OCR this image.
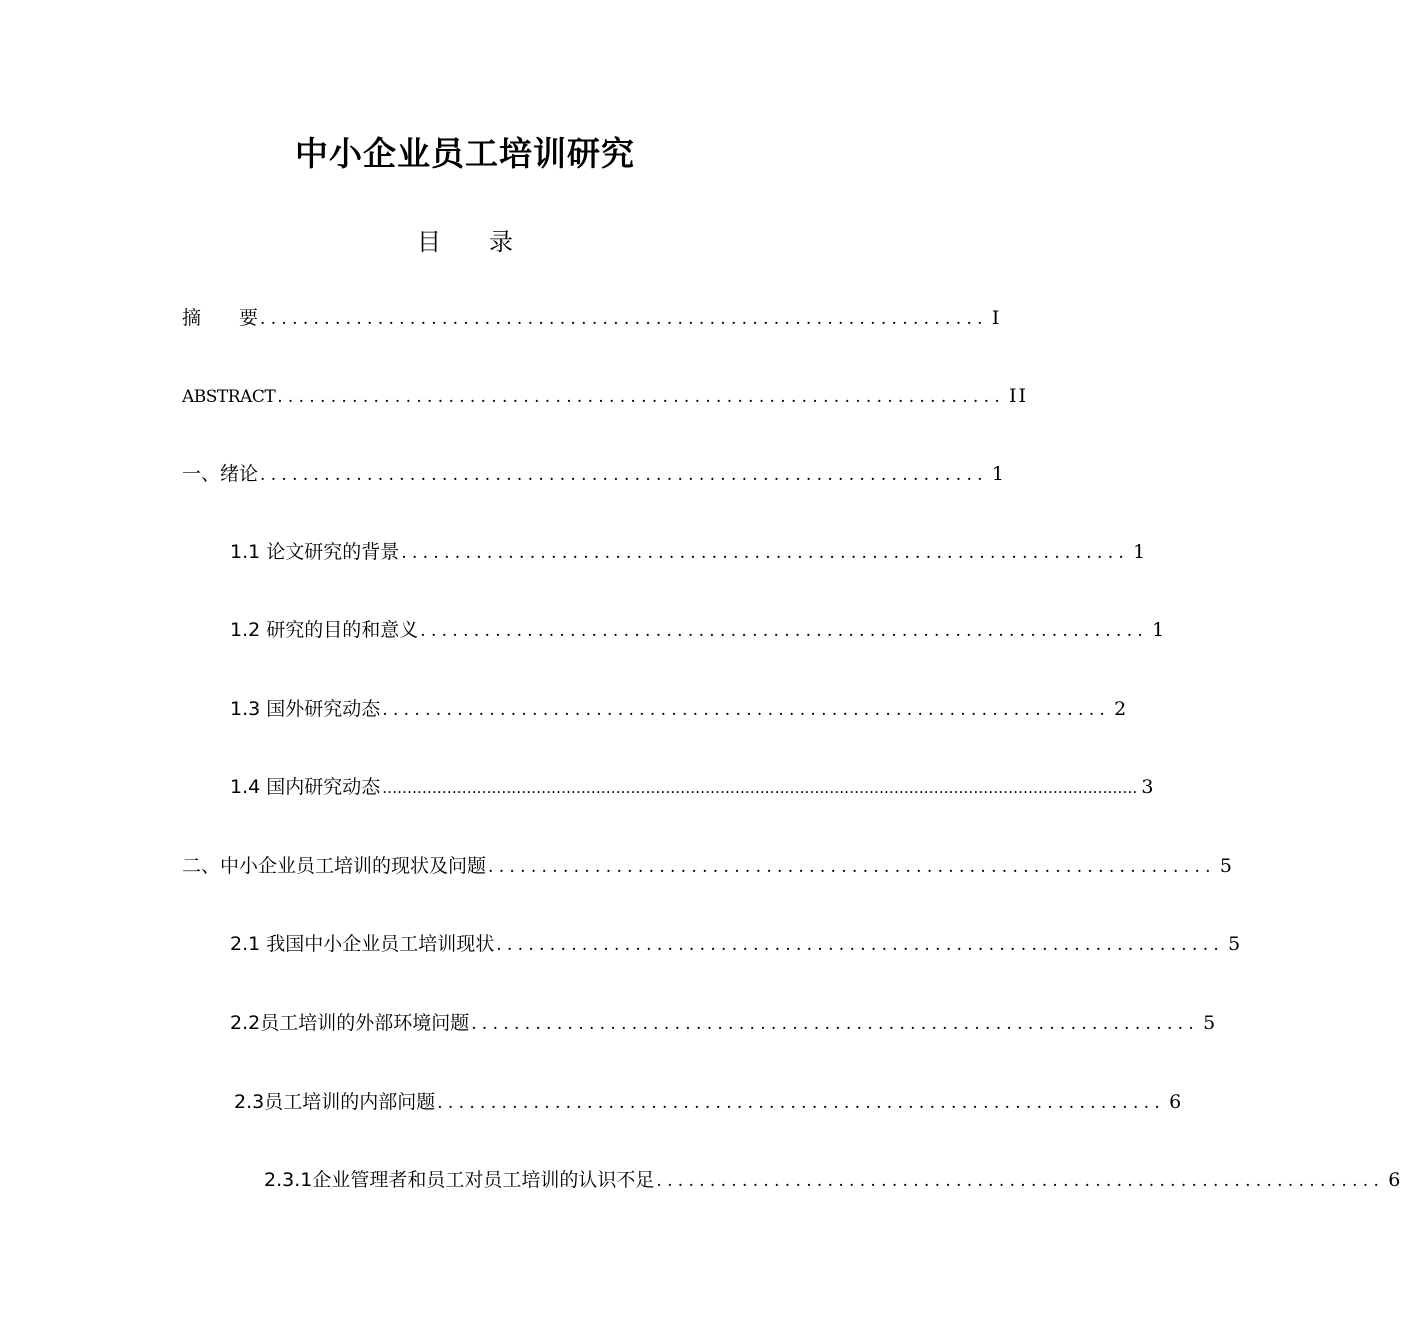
中小企业员工培训研究
目 录
摘　　要 .................................................................... I
ABSTRACT .................................................................... II
一、绪论 .................................................................... 1
1.1 论文研究的背景 .................................................................... 1
1.2 研究的目的和意义 .................................................................... 1
1.3 国外研究动态 .................................................................... 2
1.4 国内研究动态 ........................................................................................................................................................ 3
二、中小企业员工培训的现状及问题 .................................................................... 5
2.1 我国中小企业员工培训现状 .................................................................... 5
2.2员工培训的外部环境问题 .................................................................... 5
2.3员工培训的内部问题 .................................................................... 6
2.3.1企业管理者和员工对员工培训的认识不足 .................................................................... 6
